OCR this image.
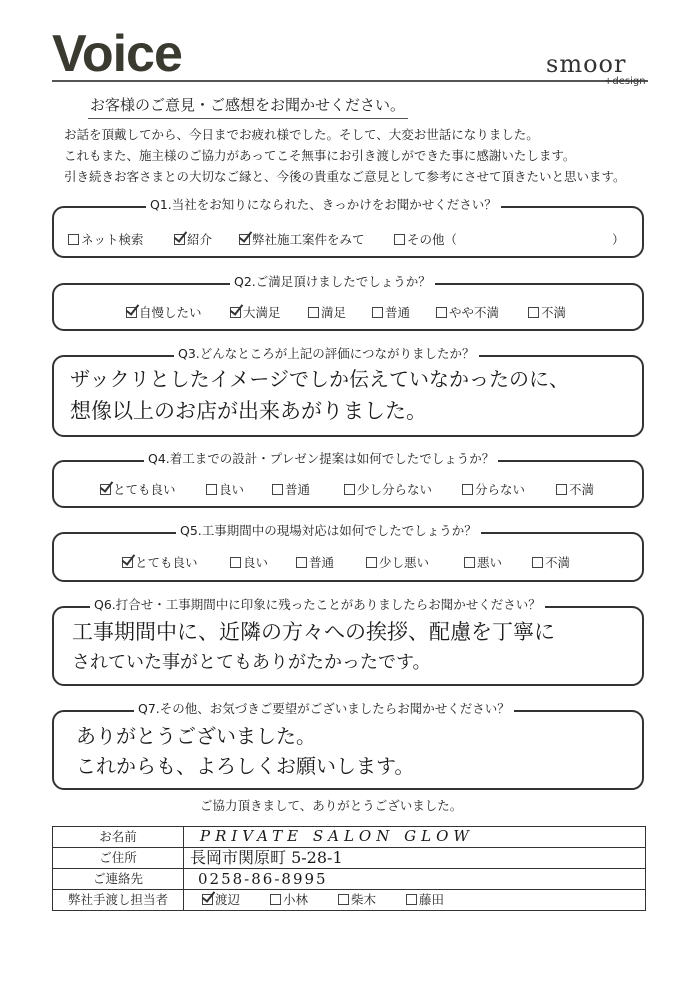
Voice	smoor
+design
お客様のご意見・ご感想をお聞かせください。
お話を頂戴してから、今日までお疲れ様でした。そして、大変お世話になりました。
これもまた、施主様のご協力があってこそ無事にお引き渡しができた事に感謝いたします。
引き続きお客さまとの大切なご縁と、今後の貴重なご意見として参考にさせて頂きたいと思います。
Q1.当社をお知りになられた、きっかけをお聞かせください？
ネット検索	紹介	弊社施工案件をみて	その他（	）
Q2.ご満足頂けましたでしょうか？
自慢したい	大満足	満足	普通	やや不満	不満
Q3.どんなところが上記の評価につながりましたか？
ザックリとしたイメージでしか伝えていなかったのに、
想像以上のお店が出来あがりました。
Q4.着工までの設計・プレゼン提案は如何でしたでしょうか？
とても良い	良い	普通	少し分らない	分らない	不満
Q5.工事期間中の現場対応は如何でしたでしょうか？
とても良い	良い	普通	少し悪い	悪い	不満
Q6.打合せ・工事期間中に印象に残ったことがありましたらお聞かせください？
工事期間中に、近隣の方々への挨拶、配慮を丁寧に
されていた事がとてもありがたかったです。
Q7.その他、お気づきご要望がございましたらお聞かせください？
ありがとうございました。
これからも、よろしくお願いします。
ご協力頂きまして、ありがとうございました。
お名前	PRIVATE SALON GLOW

ご住所	長岡市関原町 5-28-1

ご連絡先	0258-86-8995

弊社手渡し担当者	渡辺 小林 柴木 藤田
